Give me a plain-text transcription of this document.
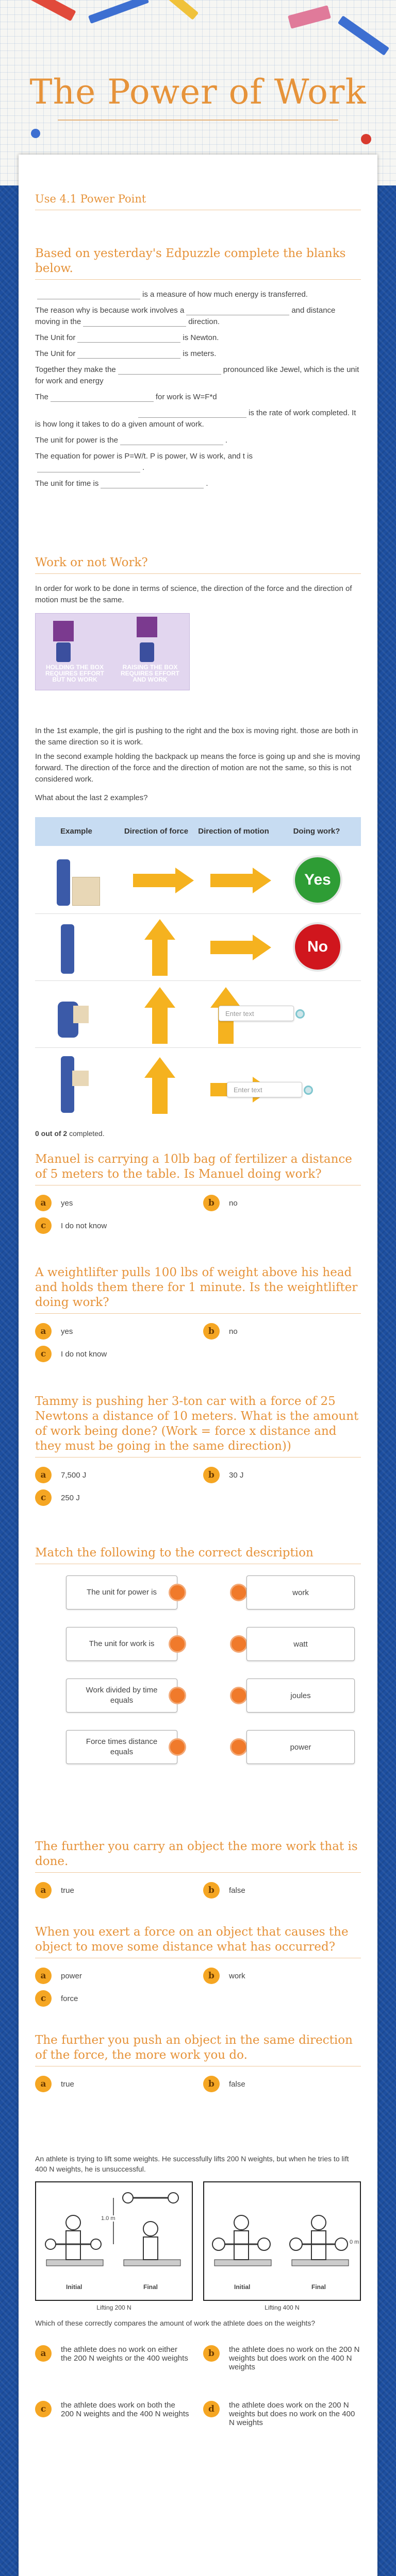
The Power of Work
Use 4.1 Power Point
Based on yesterday's Edpuzzle complete the blanks below.
is a measure of how much energy is transferred.
The reason why is because work involves a	and distance moving in the	direction.
The Unit for	is Newton.
The Unit for	is meters.
Together they make the	pronounced like Jewel, which is the unit for work and energy
The	for work is W=F*d
is the rate of work completed. It is how long it takes to do a given amount of work.
The unit for power is the	.
The equation for power is P=W/t. P is power, W is work, and t is
.
The unit for time is	.
Work or not Work?

In order for work to be done in terms of science, the direction of the force and the direction of motion must be the same.

HOLDING THE BOX REQUIRES EFFORT BUT NO WORK
RAISING THE BOX REQUIRES EFFORT AND WORK

In the 1st example, the girl is pushing to the right and the box is moving right. those are both in the same direction so it is work.

In the second example holding the backpack up means the force is going up and she is moving forward. The direction of the force and the direction of motion are not the same, so this is not considered work.

What about the last 2 examples?

Example	Direction of force	Direction of motion	Doing work?
Yes
No
Enter text
Enter text
0 out of 2 completed.
Manuel is carrying a 10lb bag of fertilizer a distance of 5 meters to the table. Is Manuel doing work?
a	yes	b	no
c	I do not know
A weightlifter pulls 100 lbs of weight above his head and holds them there for 1 minute. Is the weightlifter doing work?
a	yes	b	no
c	I do not know
Tammy is pushing her 3-ton car with a force of 25 Newtons a distance of 10 meters. What is the amount of work being done? (Work = force x distance and they must be going in the same direction))
a	7,500 J	b	30 J
c	250 J
Match the following to the correct description
The unit for power is
The unit for work is
Work divided by time equals
Force times distance equals
work
watt
joules
power
The further you carry an object the more work that is done.
a	true	b	false
When you exert a force on an object that causes the object to move some distance what has occurred?
a	power	b	work
c	force
The further you push an object in the same direction of the force, the more work you do.
a	true	b	false

An athlete is trying to lift some weights. He successfully lifts 200 N weights, but when he tries to lift 400 N weights, he is unsuccessful.

1.0 m
Initial	Final
0 m
Initial	Final
Lifting 200 N	Lifting 400 N

Which of these correctly compares the amount of work the athlete does on the weights?

a	the athlete does no work on either the 200 N weights or the 400 weights	b	the athlete does no work on the 200 N weights but does work on the 400 N weights
c	the athlete does work on both the 200 N weights and the 400 N weights	d	the athlete does work on the 200 N weights but does no work on the 400 N weights
